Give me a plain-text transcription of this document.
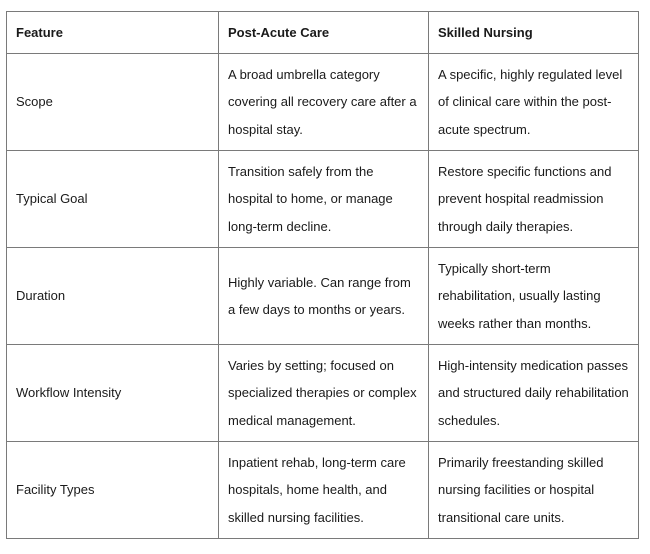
Feature	Post-Acute Care	Skilled Nursing
Scope	A broad umbrella category covering all recovery care after a hospital stay.	A specific, highly regulated level of clinical care within the post-acute spectrum.
Typical Goal	Transition safely from the hospital to home, or manage long-term decline.	Restore specific functions and prevent hospital readmission through daily therapies.
Duration	Highly variable. Can range from a few days to months or years.	Typically short-term rehabilitation, usually lasting weeks rather than months.
Workflow Intensity	Varies by setting; focused on specialized therapies or complex medical management.	High-intensity medication passes and structured daily rehabilitation schedules.
Facility Types	Inpatient rehab, long-term care hospitals, home health, and skilled nursing facilities.	Primarily freestanding skilled nursing facilities or hospital transitional care units.
